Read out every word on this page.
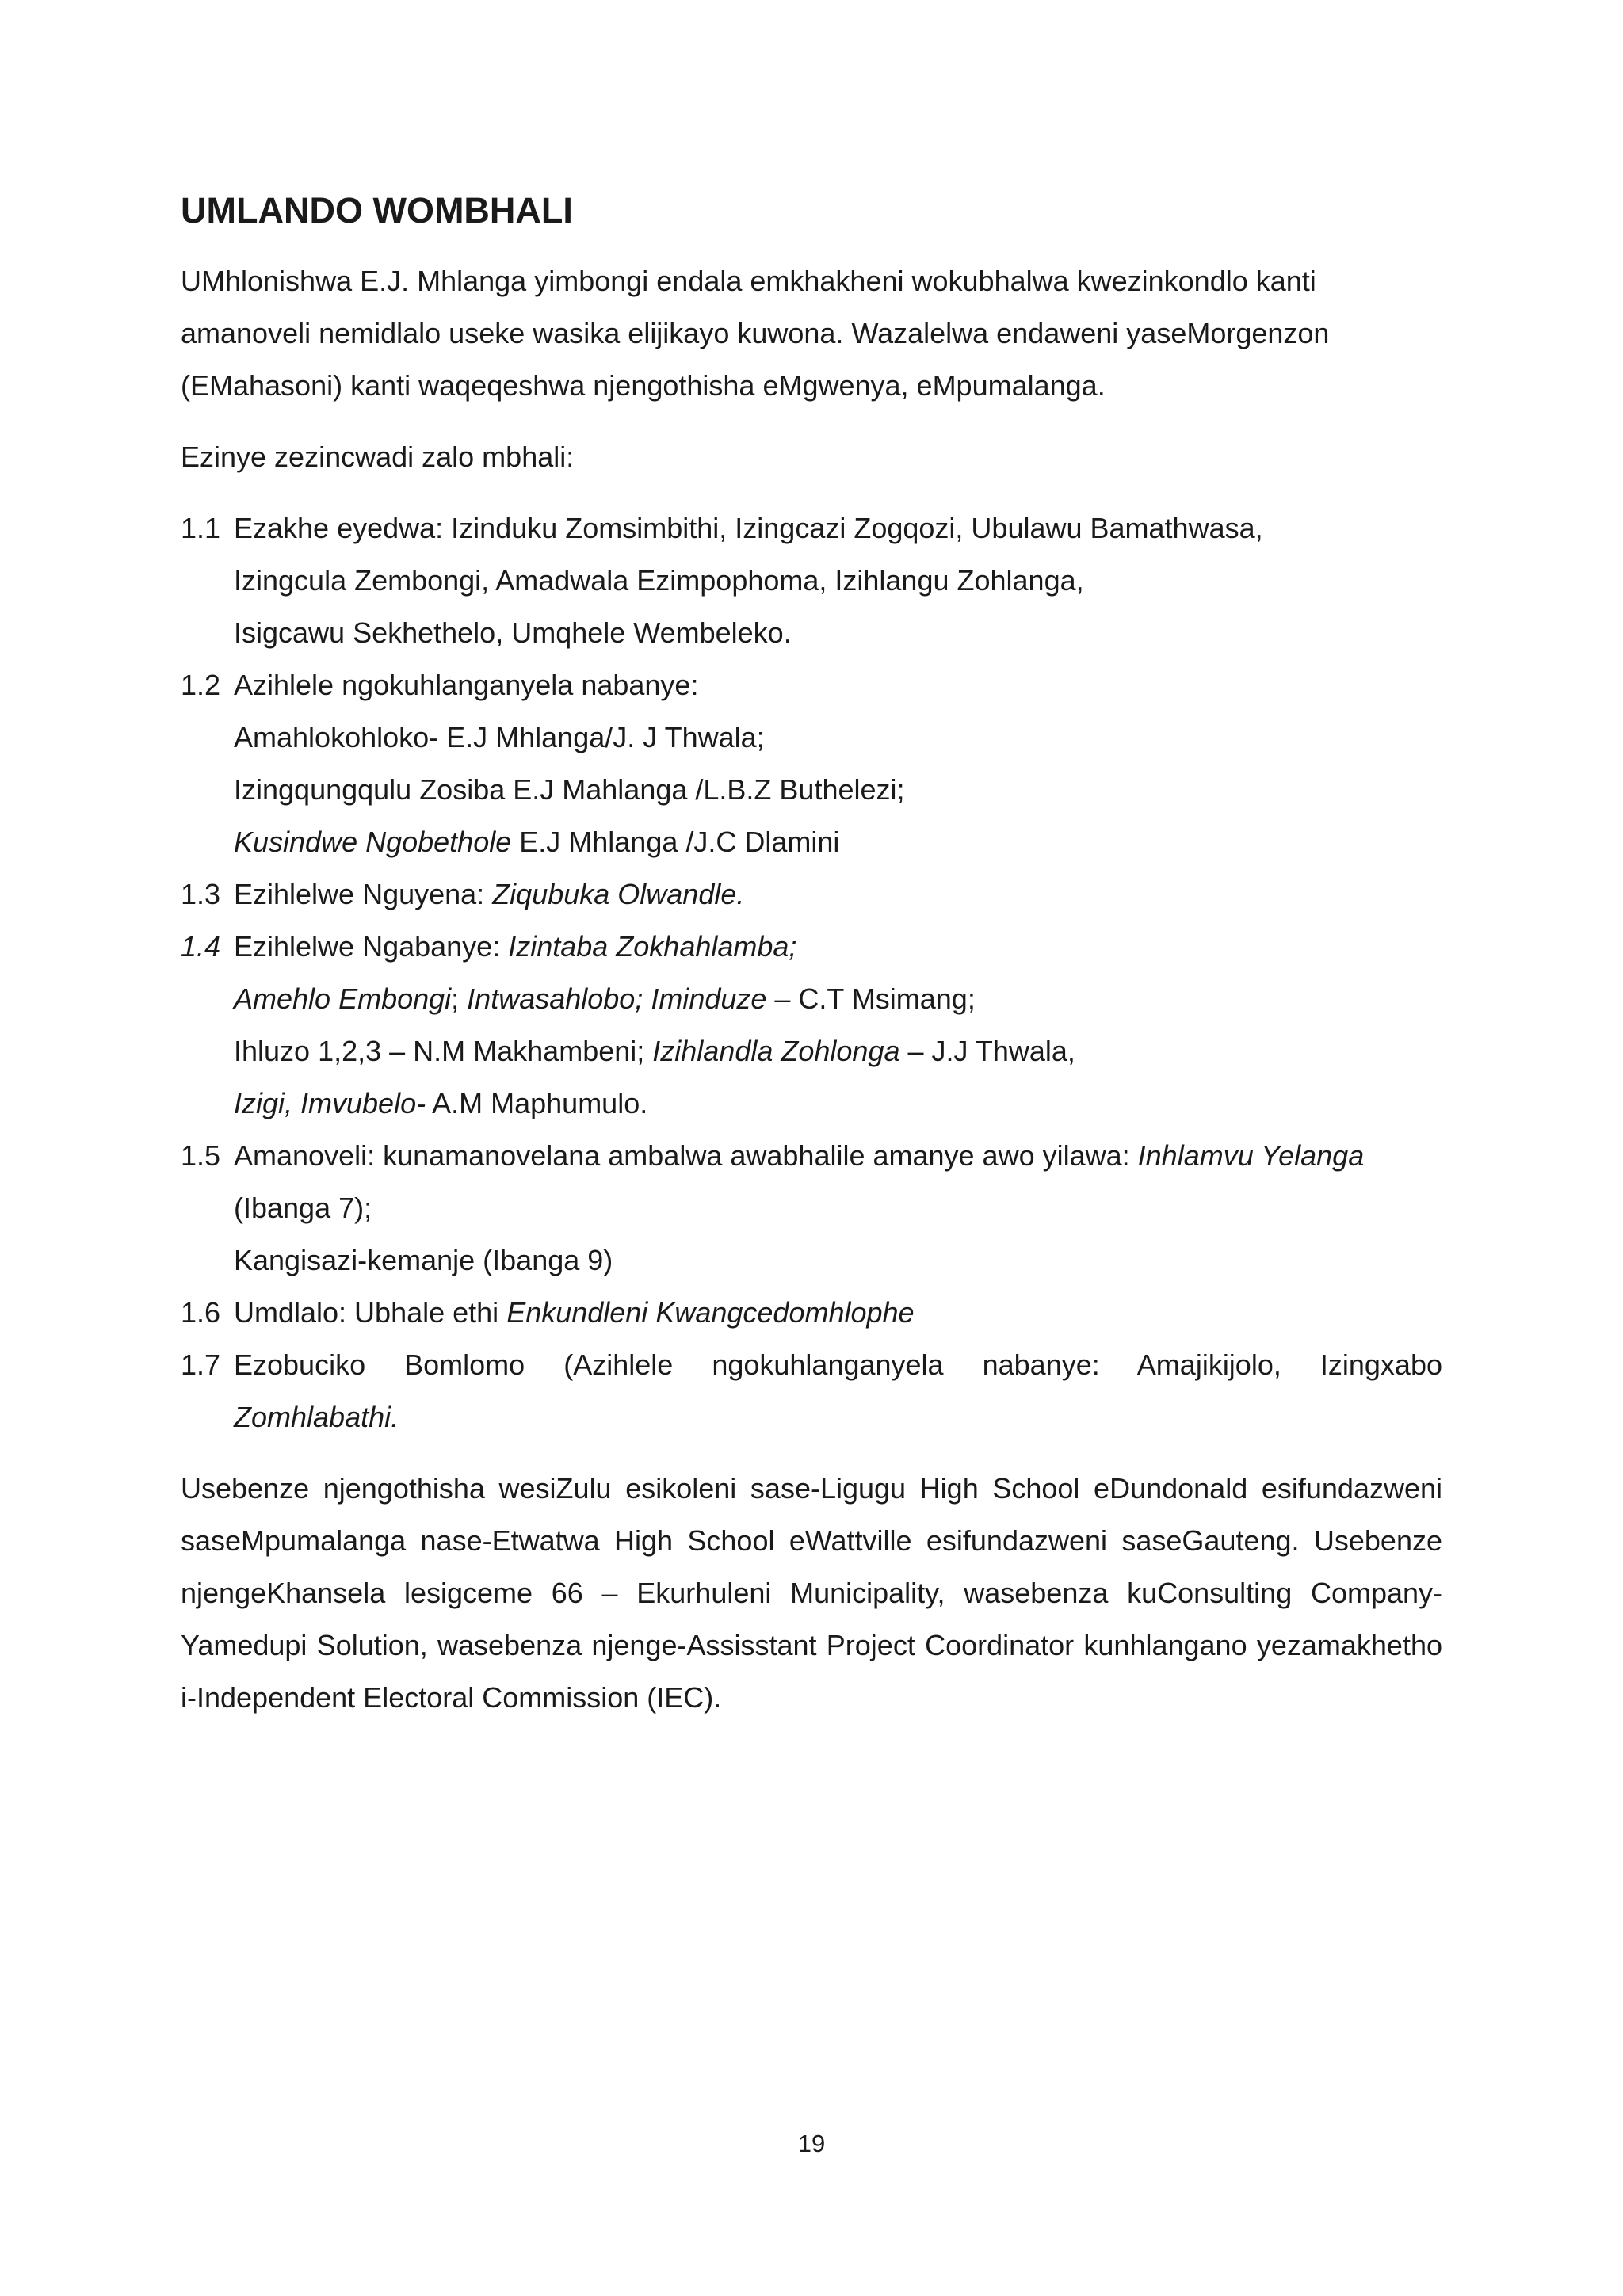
UMLANDO WOMBHALI

UMhlonishwa E.J. Mhlanga yimbongi endala emkhakheni wokubhalwa kwezinkondlo kanti

amanoveli nemidlalo useke wasika elijikayo kuwona. Wazalelwa endaweni yaseMorgenzon

(EMahasoni) kanti waqeqeshwa njengothisha eMgwenya, eMpumalanga.

Ezinye zezincwadi zalo mbhali:

1.1 Ezakhe eyedwa: Izinduku Zomsimbithi, Izingcazi Zogqozi, Ubulawu Bamathwasa,
Izingcula Zembongi, Amadwala Ezimpophoma, Izihlangu Zohlanga,
Isigcawu Sekhethelo, Umqhele Wembeleko.
1.2 Azihlele ngokuhlanganyela nabanye:
Amahlokohloko- E.J Mhlanga/J. J Thwala;
Izingqungqulu Zosiba E.J Mahlanga /L.B.Z Buthelezi;
Kusindwe Ngobethole E.J Mhlanga /J.C Dlamini
1.3 Ezihlelwe Nguyena: Ziqubuka Olwandle.
1.4 Ezihlelwe Ngabanye: Izintaba Zokhahlamba;
Amehlo Embongi; Intwasahlobo; Iminduze – C.T Msimang;
Ihluzo 1,2,3 – N.M Makhambeni; Izihlandla Zohlonga – J.J Thwala,
Izigi, Imvubelo- A.M Maphumulo.
1.5 Amanoveli: kunamanovelana ambalwa awabhalile amanye awo yilawa: Inhlamvu Yelanga
(Ibanga 7);
Kangisazi-kemanje (Ibanga 9)
1.6 Umdlalo: Ubhale ethi Enkundleni Kwangcedomhlophe
1.7 Ezobuciko Bomlomo (Azihlele ngokuhlanganyela nabanye: Amajikijolo, Izingxabo
Zomhlabathi.

Usebenze njengothisha wesiZulu esikoleni sase-Ligugu High School eDundonald esifundazweni saseMpumalanga nase-Etwatwa High School eWattville esifundazweni saseGauteng. Usebenze njengeKhansela lesigceme 66 – Ekurhuleni Municipality, wasebenza kuConsulting Company-Yamedupi Solution, wasebenza njenge-Assisstant Project Coordinator kunhlangano yezamakhetho i-Independent Electoral Commission (IEC).

19
